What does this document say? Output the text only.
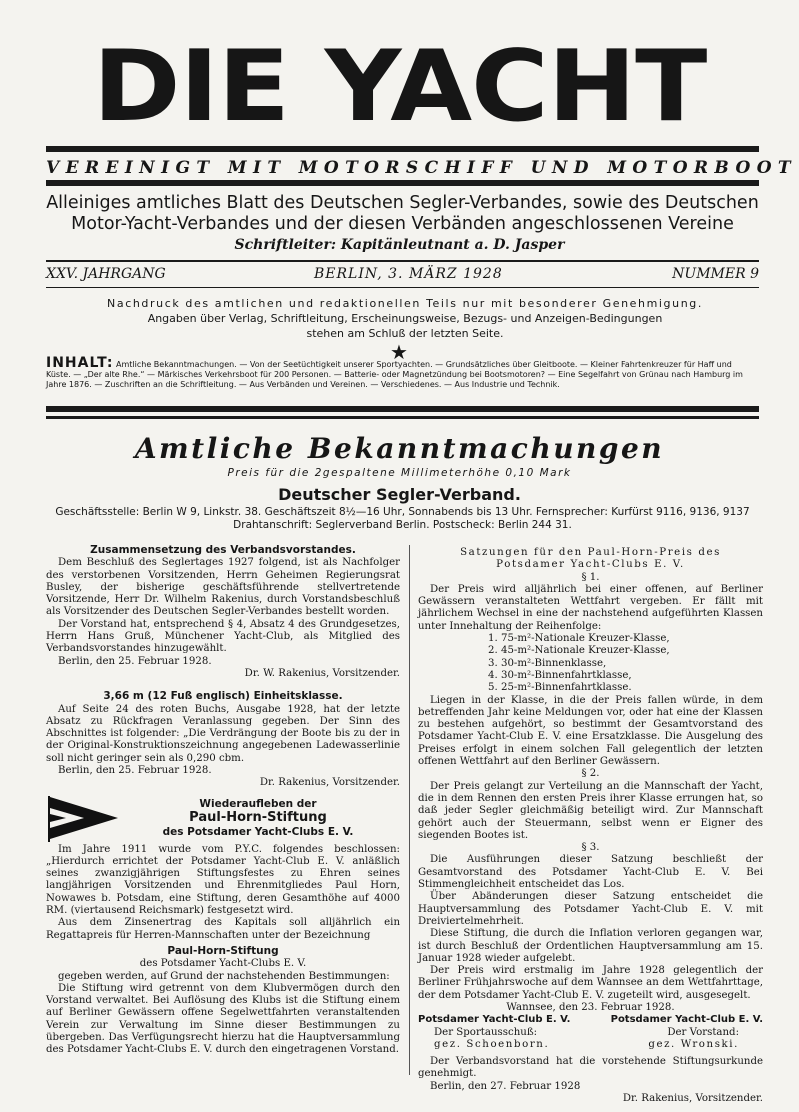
DIE YACHT
VEREINIGT MIT MOTORSCHIFF UND MOTORBOOT
Alleiniges amtliches Blatt des Deutschen Segler-Verbandes, sowie des Deutschen
Motor-Yacht-Verbandes und der diesen Verbänden angeschlossenen Vereine
Schriftleiter: Kapitänleutnant a. D. Jasper
XXV. JAHRGANG	BERLIN, 3. MÄRZ 1928	NUMMER 9
Nachdruck des amtlichen und redaktionellen Teils nur mit besonderer Genehmigung.
Angaben über Verlag, Schriftleitung, Erscheinungsweise, Bezugs- und Anzeigen-Bedingungen
stehen am Schluß der letzten Seite.
★
INHALT: Amtliche Bekanntmachungen. — Von der Seetüchtigkeit unserer Sportyachten. — Grundsätzliches über Gleitboote. — Kleiner Fahrtenkreuzer für Haff und Küste. — „Der alte Rhe.“ — Märkisches Verkehrsboot für 200 Personen. — Batterie- oder Magnetzündung bei Bootsmotoren? — Eine Segelfahrt von Grünau nach Hamburg im Jahre 1876. — Zuschriften an die Schriftleitung. — Aus Verbänden und Vereinen. — Verschiedenes. — Aus Industrie und Technik.
Amtliche Bekanntmachungen
Preis für die 2gespaltene Millimeterhöhe 0,10 Mark
Deutscher Segler-Verband.
Geschäftsstelle: Berlin W 9, Linkstr. 38. Geschäftszeit 8½—16 Uhr, Sonnabends bis 13 Uhr. Fernsprecher: Kurfürst 9116, 9136, 9137
Drahtanschrift: Seglerverband Berlin. Postscheck: Berlin 244 31.
Zusammensetzung des Verbandsvorstandes.

Dem Beschluß des Seglertages 1927 folgend, ist als Nachfolger des verstorbenen Vorsitzenden, Herrn Geheimen Regierungsrat Busley, der bisherige geschäftsführende stellvertretende Vorsitzende, Herr Dr. Wilhelm Rakenius, durch Vorstandsbeschluß als Vorsitzender des Deutschen Segler-Verbandes bestellt worden.

Der Vorstand hat, entsprechend § 4, Absatz 4 des Grundgesetzes, Herrn Hans Gruß, Münchener Yacht-Club, als Mitglied des Verbandsvorstandes hinzugewählt.

Berlin, den 25. Februar 1928.

Dr. W. Rakenius, Vorsitzender.

3,66 m (12 Fuß englisch) Einheitsklasse.

Auf Seite 24 des roten Buchs, Ausgabe 1928, hat der letzte Absatz zu Rückfragen Veranlassung gegeben. Der Sinn des Abschnittes ist folgender: „Die Verdrängung der Boote bis zu der in der Original-Konstruktionszeichnung angegebenen Ladewasserlinie soll nicht geringer sein als 0,290 cbm.

Berlin, den 25. Februar 1928.

Dr. Rakenius, Vorsitzender.

Wiederaufleben der
Paul-Horn-Stiftung
des Potsdamer Yacht-Clubs E. V.

Im Jahre 1911 wurde vom P.Y.C. folgendes beschlossen: „Hierdurch errichtet der Potsdamer Yacht-Club E. V. anläßlich seines zwanzigjährigen Stiftungsfestes zu Ehren seines langjährigen Vorsitzenden und Ehrenmitgliedes Paul Horn, Nowawes b. Potsdam, eine Stiftung, deren Gesamthöhe auf 4000 RM. (viertausend Reichsmark) festgesetzt wird.

Aus dem Zinsenertrag des Kapitals soll alljährlich ein Regattapreis für Herren-Mannschaften unter der Bezeichnung

Paul-Horn-Stiftung

des Potsdamer Yacht-Clubs E. V.

gegeben werden, auf Grund der nachstehenden Bestimmungen:

Die Stiftung wird getrennt von dem Klubvermögen durch den Vorstand verwaltet. Bei Auflösung des Klubs ist die Stiftung einem auf Berliner Gewässern offene Segelwettfahrten veranstaltenden Verein zur Verwaltung im Sinne dieser Bestimmungen zu übergeben. Das Verfügungsrecht hierzu hat die Hauptversammlung des Potsdamer Yacht-Clubs E. V. durch den eingetragenen Vorstand.

Satzungen für den Paul-Horn-Preis des

Potsdamer Yacht-Clubs E. V.

§ 1.

Der Preis wird alljährlich bei einer offenen, auf Berliner Gewässern veranstalteten Wettfahrt vergeben. Er fällt mit jährlichem Wechsel in eine der nachstehend aufgeführten Klassen unter Innehaltung der Reihenfolge:

1. 75-m²-Nationale Kreuzer-Klasse,

2. 45-m²-Nationale Kreuzer-Klasse,

3. 30-m²-Binnenklasse,

4. 30-m²-Binnenfahrtklasse,

5. 25-m²-Binnenfahrtklasse.

Liegen in der Klasse, in die der Preis fallen würde, in dem betreffenden Jahr keine Meldungen vor, oder hat eine der Klassen zu bestehen aufgehört, so bestimmt der Gesamtvorstand des Potsdamer Yacht-Club E. V. eine Ersatzklasse. Die Ausgelung des Preises erfolgt in einem solchen Fall gelegentlich der letzten offenen Wettfahrt auf den Berliner Gewässern.

§ 2.

Der Preis gelangt zur Verteilung an die Mannschaft der Yacht, die in dem Rennen den ersten Preis ihrer Klasse errungen hat, so daß jeder Segler gleichmäßig beteiligt wird. Zur Mannschaft gehört auch der Steuermann, selbst wenn er Eigner des siegenden Bootes ist.

§ 3.

Die Ausführungen dieser Satzung beschließt der Gesamtvorstand des Potsdamer Yacht-Club E. V. Bei Stimmengleichheit entscheidet das Los.

Über Abänderungen dieser Satzung entscheidet die Hauptversammlung des Potsdamer Yacht-Club E. V. mit Dreiviertelmehrheit.

Diese Stiftung, die durch die Inflation verloren gegangen war, ist durch Beschluß der Ordentlichen Hauptversammlung am 15. Januar 1928 wieder aufgelebt.

Der Preis wird erstmalig im Jahre 1928 gelegentlich der Berliner Frühjahrswoche auf dem Wannsee an dem Wettfahrttage, der dem Potsdamer Yacht-Club E. V. zugeteilt wird, ausgesegelt.

Wannsee, den 23. Februar 1928.

Potsdamer Yacht-Club E. V.	Potsdamer Yacht-Club E. V.
Der Sportausschuß:	Der Vorstand:
gez. Schoenborn.	gez. Wronski.

Der Verbandsvorstand hat die vorstehende Stiftungsurkunde genehmigt.

Berlin, den 27. Februar 1928

Dr. Rakenius, Vorsitzender.
